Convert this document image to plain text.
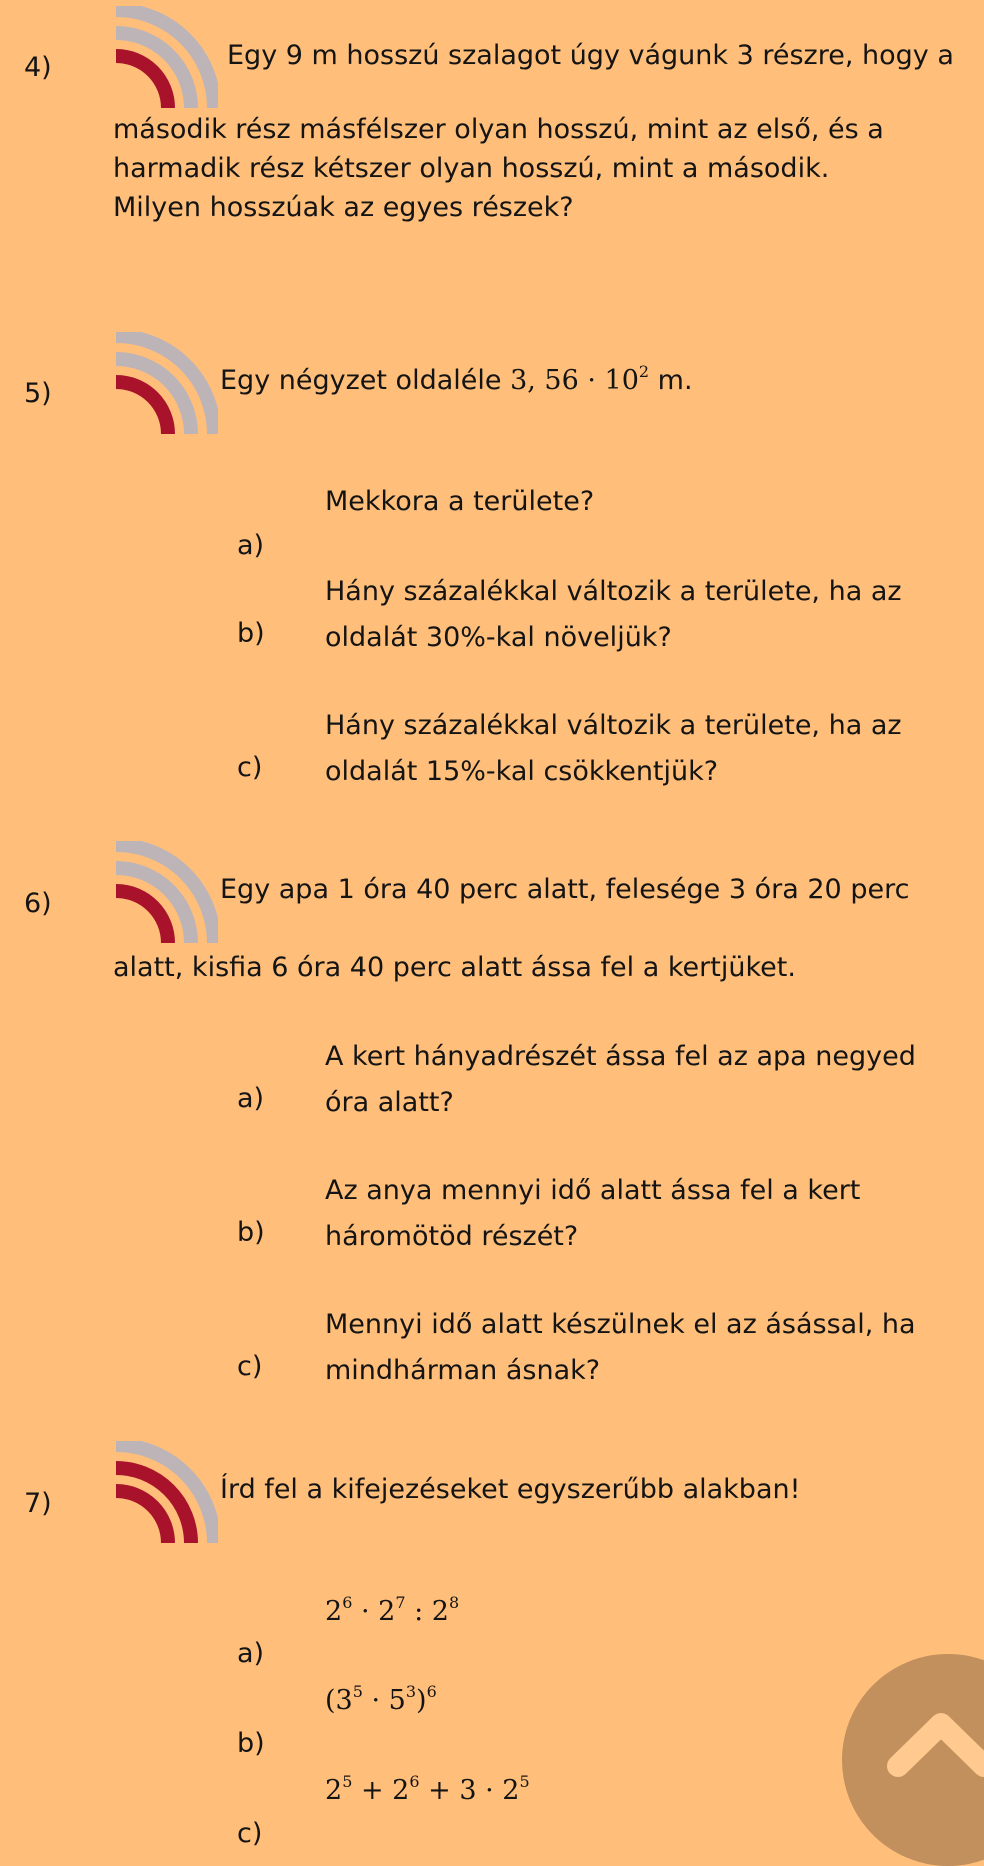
4)	Egy 9 m hosszú szalagot úgy vágunk 3 részre, hogy a
második rész másfélszer olyan hosszú, mint az első, és a harmadik rész kétszer olyan hosszú, mint a második. Milyen hosszúak az egyes részek?
5)	Egy négyzet oldaléle 3, $56 \cdot 10^2$ m.
Mekkora a területe?
a)
Hány százalékkal változik a területe, ha az
b) oldalát 30%-kal növeljük?
Hány százalékkal változik a területe, ha az
c) oldalát 15%-kal csökkentjük?
6)	Egy apa 1 óra 40 perc alatt, felesége 3 óra 20 perc
alatt, kisfia 6 óra 40 perc alatt ássa fel a kertjüket.
A kert hányadrészét ássa fel az apa negyed
a) óra alatt?
Az anya mennyi idő alatt ássa fel a kert
b) háromötöd részét?
Mennyi idő alatt készülnek el az ásással, ha
c) mindhárman ásnak?
7)	Írd fel a kifejezéseket egyszerűbb alakban!
$2^6 \cdot 2^7$ : $2^8$
a)
$(3^5 \cdot 5^3)^6$
b)
$2^5 + 2^6 + 3 \cdot 2^5$
c)
